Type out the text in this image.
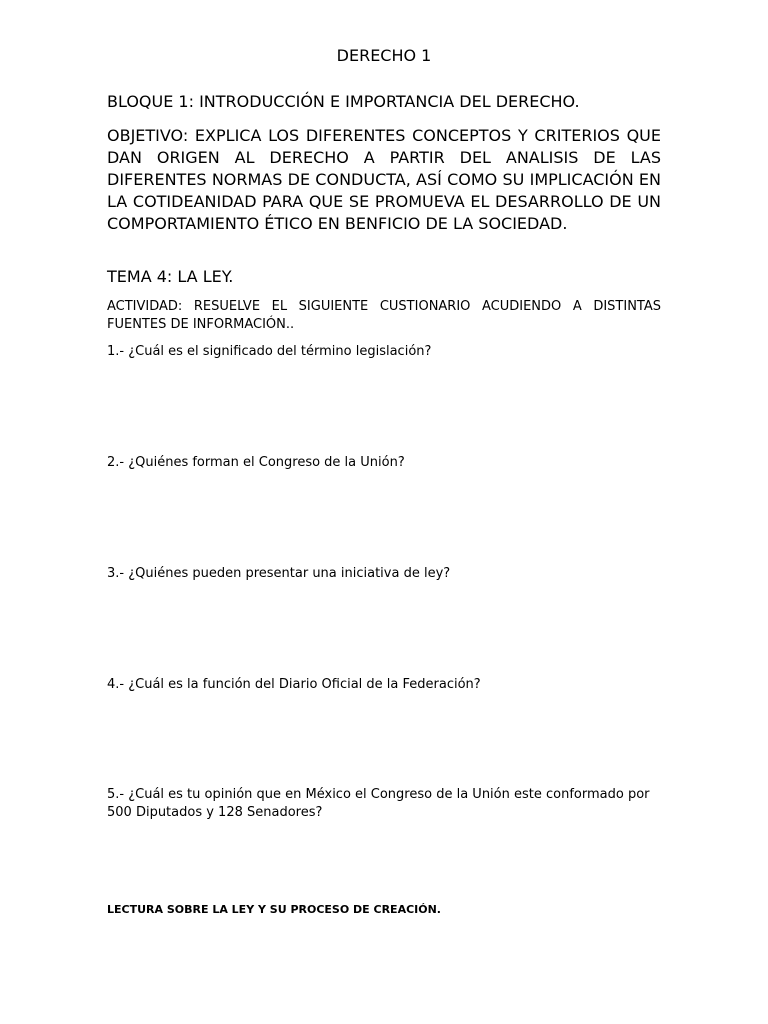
DERECHO 1

BLOQUE 1: INTRODUCCIÓN E IMPORTANCIA DEL DERECHO.

OBJETIVO: EXPLICA LOS DIFERENTES CONCEPTOS Y CRITERIOS QUE DAN ORIGEN AL DERECHO A PARTIR DEL ANALISIS DE LAS DIFERENTES NORMAS DE CONDUCTA, ASÍ COMO SU IMPLICACIÓN EN LA COTIDEANIDAD PARA QUE SE PROMUEVA EL DESARROLLO DE UN COMPORTAMIENTO ÉTICO EN BENFICIO DE LA SOCIEDAD.

TEMA 4: LA LEY.

ACTIVIDAD: RESUELVE EL SIGUIENTE CUSTIONARIO ACUDIENDO A DISTINTAS FUENTES DE INFORMACIÓN..

1.- ¿Cuál es el significado del término legislación?

2.- ¿Quiénes forman el Congreso de la Unión?

3.- ¿Quiénes pueden presentar una iniciativa de ley?

4.- ¿Cuál es la función del Diario Oficial de la Federación?

5.- ¿Cuál es tu opinión que en México el Congreso de la Unión este conformado por 500 Diputados y 128 Senadores?

LECTURA SOBRE LA LEY Y SU PROCESO DE CREACIÓN.
